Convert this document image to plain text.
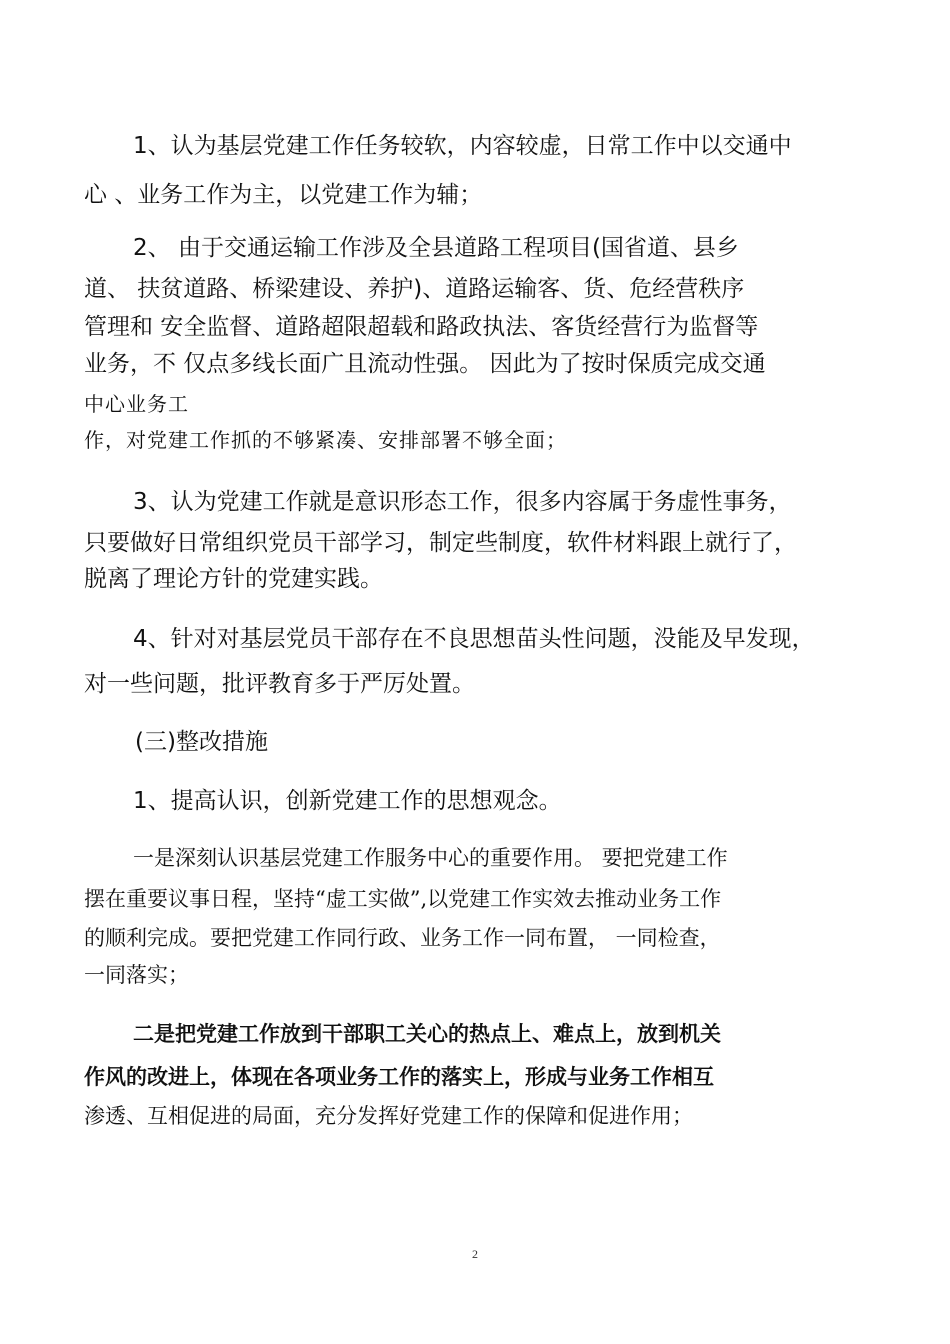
1、认为基层党建工作任务较软，内容较虚，日常工作中以交通中
心 、业务工作为主，以党建工作为辅；
2、 由于交通运输工作涉及全县道路工程项目(国省道、县乡
道、 扶贫道路、桥梁建设、养护)、道路运输客、货、危经营秩序
管理和 安全监督、道路超限超载和路政执法、客货经营行为监督等
业务，不 仅点多线长面广且流动性强。 因此为了按时保质完成交通
中心业务工
作，对党建工作抓的不够紧凑、安排部署不够全面；
3、认为党建工作就是意识形态工作，很多内容属于务虚性事务，
只要做好日常组织党员干部学习，制定些制度，软件材料跟上就行了，
脱离了理论方针的党建实践。
4、针对对基层党员干部存在不良思想苗头性问题，没能及早发现，
对一些问题，批评教育多于严厉处置。
(三)整改措施
1、提高认识，创新党建工作的思想观念。
一是深刻认识基层党建工作服务中心的重要作用。 要把党建工作
摆在重要议事日程，坚持“虚工实做”,以党建工作实效去推动业务工作
的顺利完成。要把党建工作同行政、业务工作一同布置， 一同检查，
一同落实；
二是把党建工作放到干部职工关心的热点上、难点上，放到机关
作风的改进上，体现在各项业务工作的落实上，形成与业务工作相互
渗透、互相促进的局面，充分发挥好党建工作的保障和促进作用；
2
